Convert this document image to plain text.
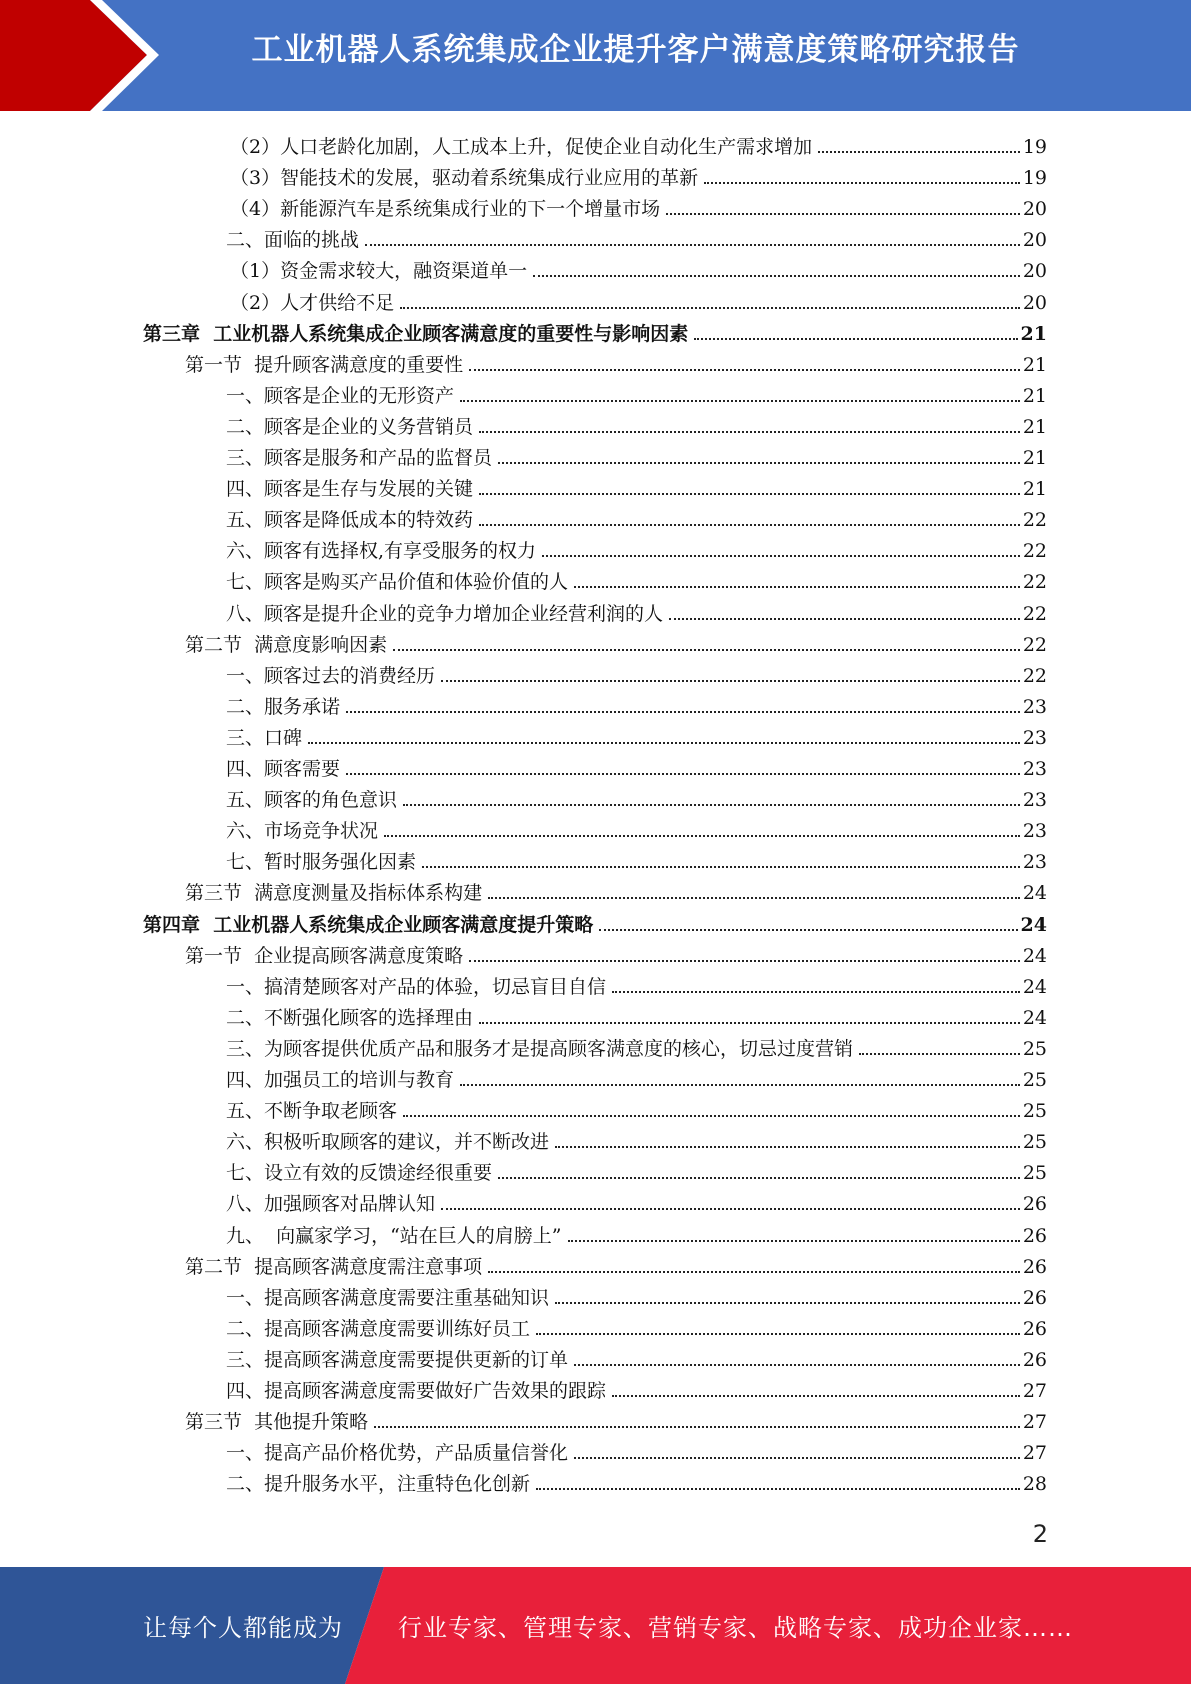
工业机器人系统集成企业提升客户满意度策略研究报告
（2）人口老龄化加剧，人工成本上升，促使企业自动化生产需求增加	19
（3）智能技术的发展，驱动着系统集成行业应用的革新	19
（4）新能源汽车是系统集成行业的下一个增量市场	20
二、面临的挑战	20
（1）资金需求较大，融资渠道单一	20
（2）人才供给不足	20
第三章  工业机器人系统集成企业顾客满意度的重要性与影响因素	21
第一节  提升顾客满意度的重要性	21
一、顾客是企业的无形资产	21
二、顾客是企业的义务营销员	21
三、顾客是服务和产品的监督员	21
四、顾客是生存与发展的关键	21
五、顾客是降低成本的特效药	22
六、顾客有选择权,有享受服务的权力	22
七、顾客是购买产品价值和体验价值的人	22
八、顾客是提升企业的竞争力增加企业经营利润的人	22
第二节  满意度影响因素	22
一、顾客过去的消费经历	22
二、服务承诺	23
三、口碑	23
四、顾客需要	23
五、顾客的角色意识	23
六、市场竞争状况	23
七、暂时服务强化因素	23
第三节  满意度测量及指标体系构建	24
第四章  工业机器人系统集成企业顾客满意度提升策略	24
第一节  企业提高顾客满意度策略	24
一、搞清楚顾客对产品的体验，切忌盲目自信	24
二、不断强化顾客的选择理由	24
三、为顾客提供优质产品和服务才是提高顾客满意度的核心，切忌过度营销	25
四、加强员工的培训与教育	25
五、不断争取老顾客	25
六、积极听取顾客的建议，并不断改进	25
七、设立有效的反馈途经很重要	25
八、加强顾客对品牌认知	26
九、  向赢家学习，“站在巨人的肩膀上”	26
第二节  提高顾客满意度需注意事项	26
一、提高顾客满意度需要注重基础知识	26
二、提高顾客满意度需要训练好员工	26
三、提高顾客满意度需要提供更新的订单	26
四、提高顾客满意度需要做好广告效果的跟踪	27
第三节  其他提升策略	27
一、提高产品价格优势，产品质量信誉化	27
二、提升服务水平，注重特色化创新	28
2
让每个人都能成为 行业专家、管理专家、营销专家、战略专家、成功企业家……
